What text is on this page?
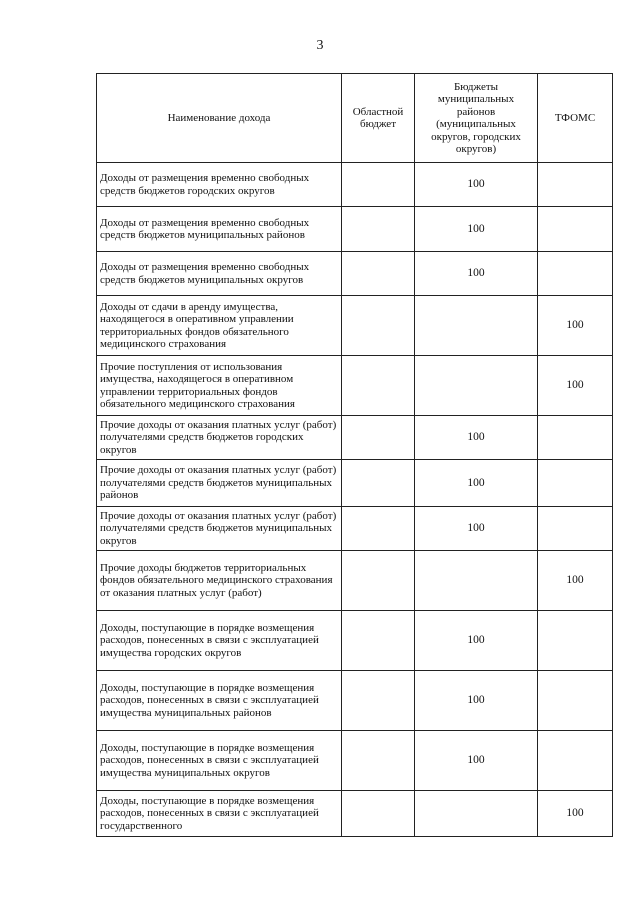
3
Наименование дохода	Областной бюджет	Бюджеты муниципальных районов (муниципальных округов, городских округов)	ТФОМС
Доходы от размещения временно свободных средств бюджетов городских округов		100	
Доходы от размещения временно свободных средств бюджетов муниципальных районов		100	
Доходы от размещения временно свободных средств бюджетов муниципальных округов		100	
Доходы от сдачи в аренду имущества, находящегося в оперативном управлении территориальных фондов обязательного медицинского страхования			100
Прочие поступления от использования имущества, находящегося в оперативном управлении территориальных фондов обязательного медицинского страхования			100
Прочие доходы от оказания платных услуг (работ) получателями средств бюджетов городских округов		100	
Прочие доходы от оказания платных услуг (работ) получателями средств бюджетов муниципальных районов		100	
Прочие доходы от оказания платных услуг (работ) получателями средств бюджетов муниципальных округов		100	
Прочие доходы бюджетов территориальных фондов обязательного медицинского страхования от оказания платных услуг (работ)			100
Доходы, поступающие в порядке возмещения расходов, понесенных в связи с эксплуатацией имущества городских округов		100	
Доходы, поступающие в порядке возмещения расходов, понесенных в связи с эксплуатацией имущества муниципальных районов		100	
Доходы, поступающие в порядке возмещения расходов, понесенных в связи с эксплуатацией имущества муниципальных округов		100	
Доходы, поступающие в порядке возмещения расходов, понесенных в связи с эксплуатацией государственного			100
